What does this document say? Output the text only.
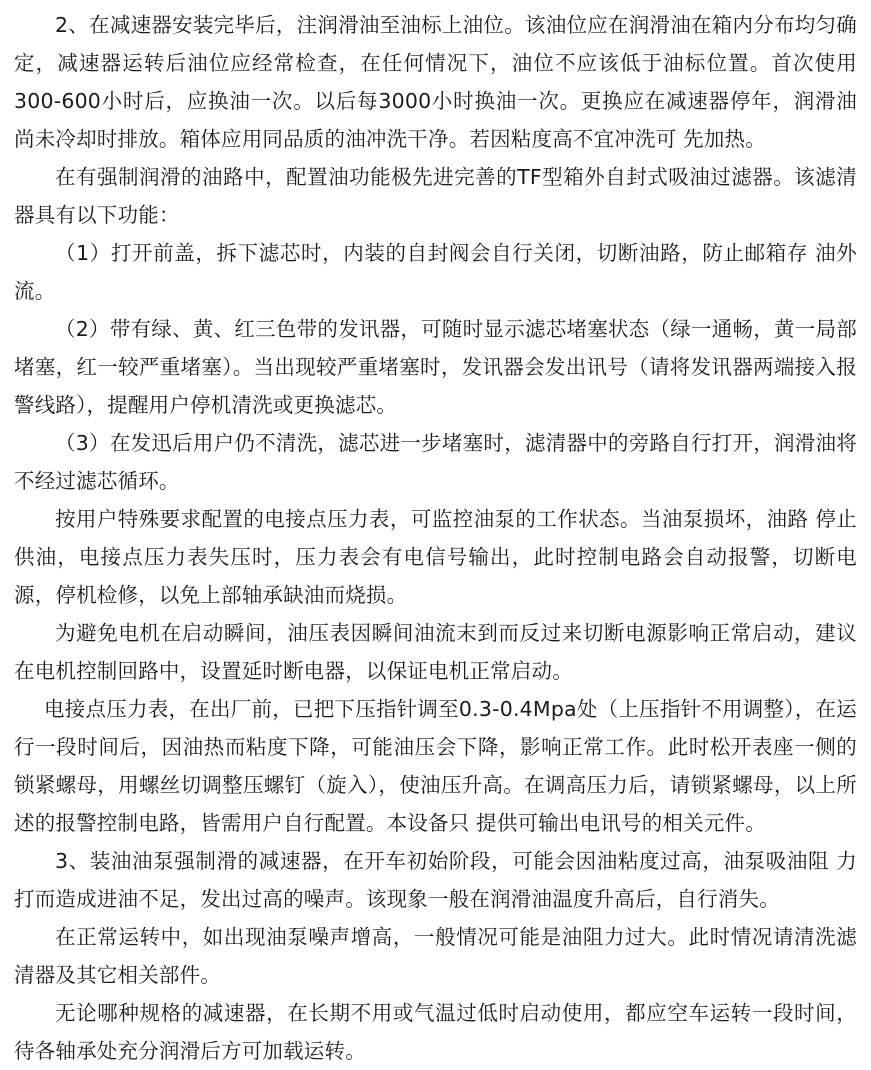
2、在减速器安装完毕后，注润滑油至油标上油位。该油位应在润滑油在箱内分布均匀确定，减速器运转后油位应经常检查，在任何情况下，油位不应该低于油标位置。首次使用300-600小时后，应换油一次。以后每3000小时换油一次。更换应在减速器停年，润滑油尚未冷却时排放。箱体应用同品质的油冲洗干净。若因粘度高不宜冲洗可 先加热。

在有强制润滑的油路中，配置油功能极先进完善的TF型箱外自封式吸油过滤器。该滤清器具有以下功能：

（1）打开前盖，拆下滤芯时，内装的自封阀会自行关闭，切断油路，防止邮箱存 油外流。

（2）带有绿、黄、红三色带的发讯器，可随时显示滤芯堵塞状态（绿一通畅，黄一局部堵塞，红一较严重堵塞）。当出现较严重堵塞时，发讯器会发出讯号（请将发讯器两端接入报警线路），提醒用户停机清洗或更换滤芯。

（3）在发迅后用户仍不清洗，滤芯进一步堵塞时，滤清器中的旁路自行打开，润滑油将不经过滤芯循环。

按用户特殊要求配置的电接点压力表，可监控油泵的工作状态。当油泵损坏，油路 停止供油，电接点压力表失压时，压力表会有电信号输出，此时控制电路会自动报警，切断电源，停机检修，以免上部轴承缺油而烧损。

为避免电机在启动瞬间，油压表因瞬间油流末到而反过来切断电源影响正常启动，建议在电机控制回路中，设置延时断电器，以保证电机正常启动。

电接点压力表，在出厂前，已把下压指针调至0.3-0.4Mpa处（上压指针不用调整），在运行一段时间后，因油热而粘度下降，可能油压会下降，影响正常工作。此时松开表座一侧的锁紧螺母，用螺丝切调整压螺钉（旋入），使油压升高。在调高压力后，请锁紧螺母，以上所述的报警控制电路，皆需用户自行配置。本设备只 提供可输出电讯号的相关元件。

3、装油油泵强制滑的减速器，在开车初始阶段，可能会因油粘度过高，油泵吸油阻 力打而造成进油不足，发出过高的噪声。该现象一般在润滑油温度升高后，自行消失。

在正常运转中，如出现油泵噪声增高，一般情况可能是油阻力过大。此时情况请清洗滤清器及其它相关部件。

无论哪种规格的减速器，在长期不用或气温过低时启动使用，都应空车运转一段时间，待各轴承处充分润滑后方可加载运转。
